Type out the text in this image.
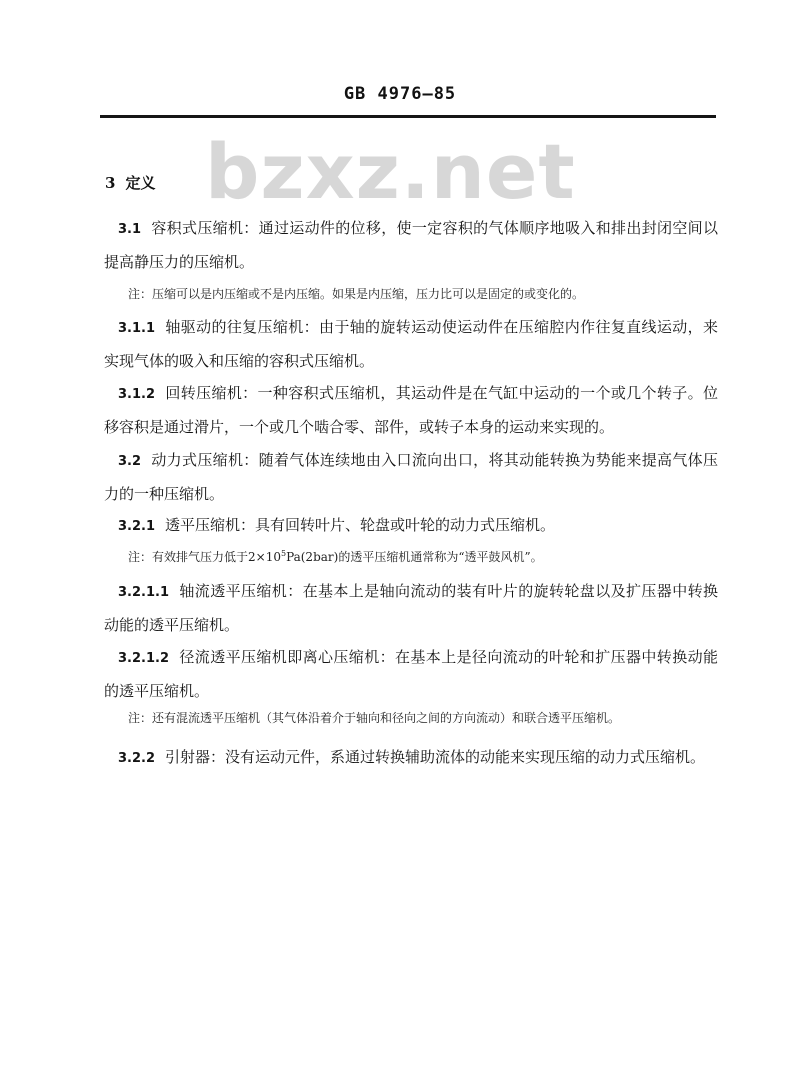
GB 4976—85
bzxz.net
3 定义
3.1 容积式压缩机：通过运动件的位移，使一定容积的气体顺序地吸入和排出封闭空间以提高静压力的压缩机。
注：压缩可以是内压缩或不是内压缩。如果是内压缩，压力比可以是固定的或变化的。
3.1.1 轴驱动的往复压缩机：由于轴的旋转运动使运动件在压缩腔内作往复直线运动，来实现气体的吸入和压缩的容积式压缩机。
3.1.2 回转压缩机：一种容积式压缩机，其运动件是在气缸中运动的一个或几个转子。位移容积是通过滑片，一个或几个啮合零、部件，或转子本身的运动来实现的。
3.2 动力式压缩机：随着气体连续地由入口流向出口，将其动能转换为势能来提高气体压力的一种压缩机。
3.2.1 透平压缩机：具有回转叶片、轮盘或叶轮的动力式压缩机。
注：有效排气压力低于$2\times 10^5Pa(2bar)$的透平压缩机通常称为“透平鼓风机”。
3.2.1.1 轴流透平压缩机：在基本上是轴向流动的装有叶片的旋转轮盘以及扩压器中转换动能的透平压缩机。
3.2.1.2 径流透平压缩机即离心压缩机：在基本上是径向流动的叶轮和扩压器中转换动能的透平压缩机。
注：还有混流透平压缩机（其气体沿着介于轴向和径向之间的方向流动）和联合透平压缩机。
3.2.2 引射器：没有运动元件，系通过转换辅助流体的动能来实现压缩的动力式压缩机。
